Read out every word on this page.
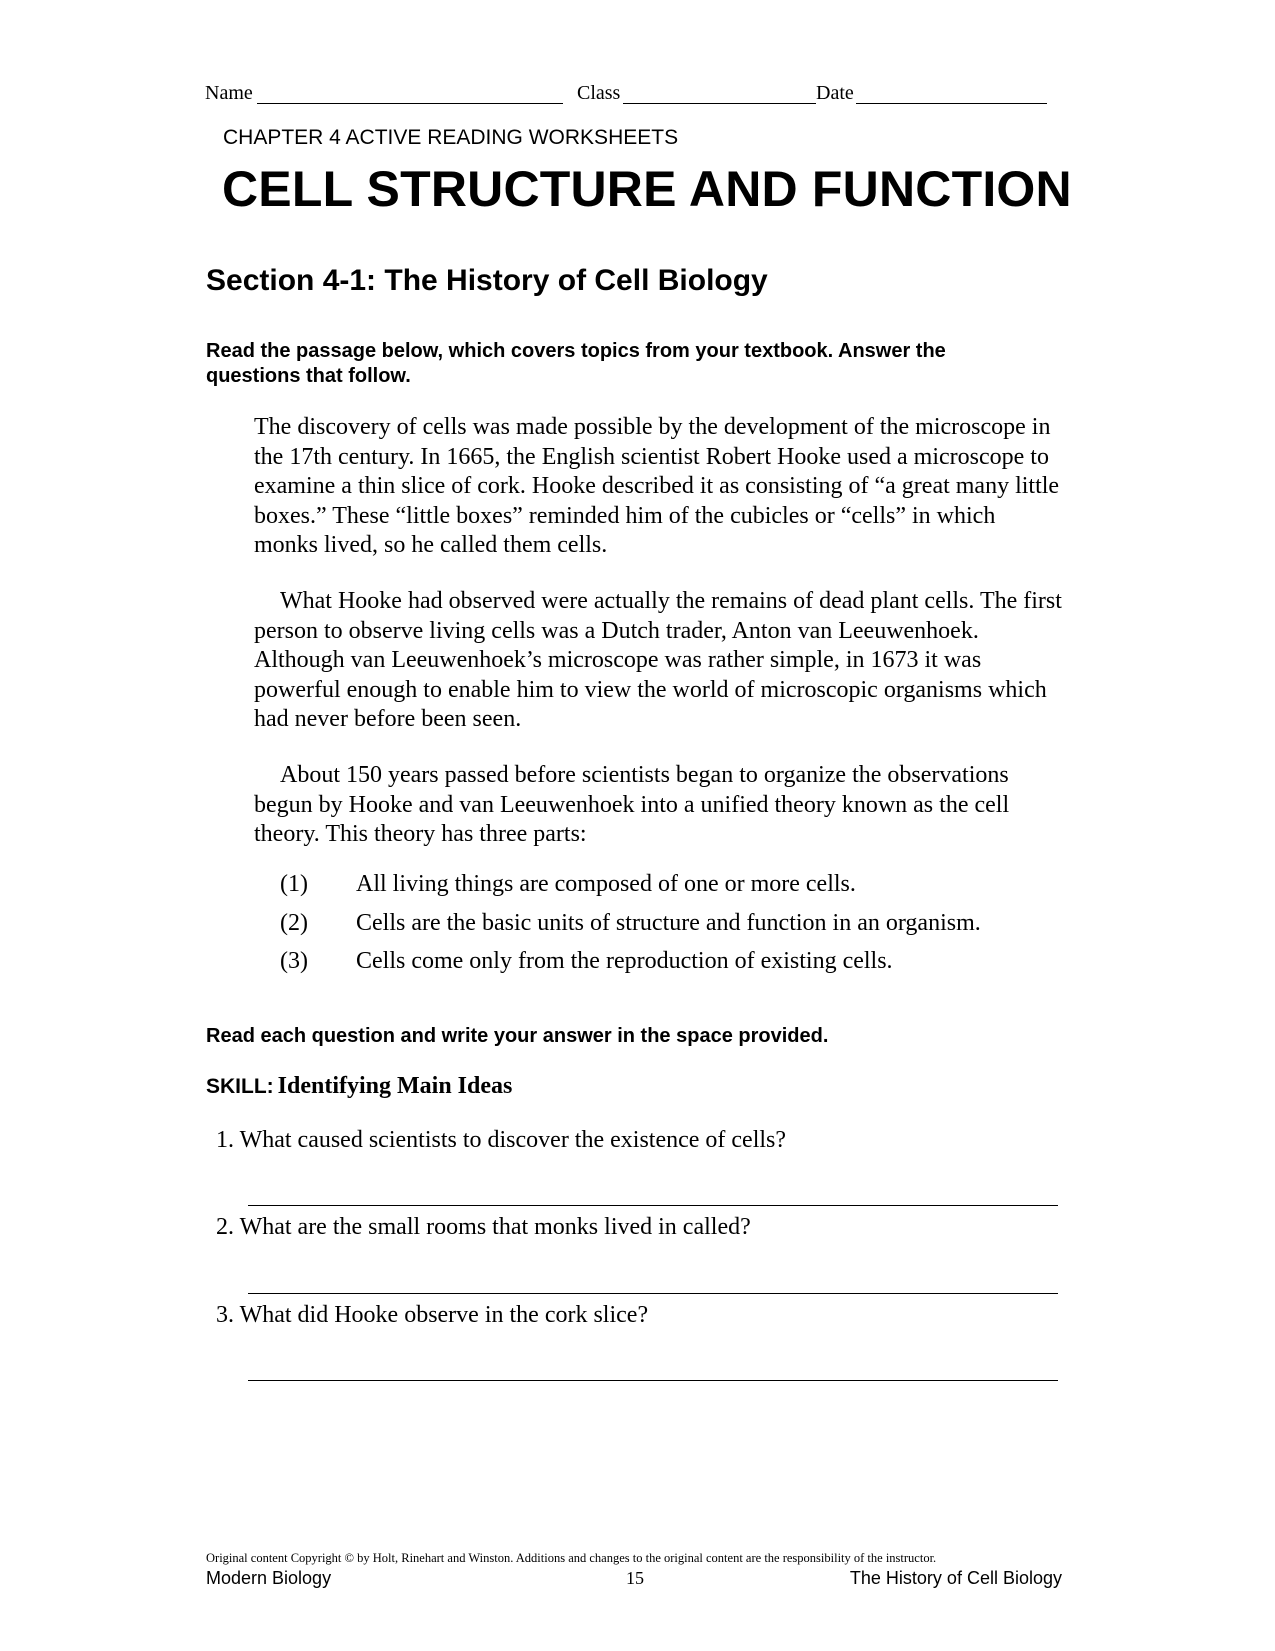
Name	Class	Date
CHAPTER 4 ACTIVE READING WORKSHEETS
CELL STRUCTURE AND FUNCTION
Section 4-1: The History of Cell Biology
Read the passage below, which covers topics from your textbook. Answer the questions that follow.
The discovery of cells was made possible by the development of the microscope in the 17th century. In 1665, the English scientist Robert Hooke used a microscope to examine a thin slice of cork. Hooke described it as consisting of “a great many little boxes.” These “little boxes” reminded him of the cubicles or “cells” in which monks lived, so he called them cells.
What Hooke had observed were actually the remains of dead plant cells. The first person to observe living cells was a Dutch trader, Anton van Leeuwenhoek. Although van Leeuwenhoek’s microscope was rather simple, in 1673 it was powerful enough to enable him to view the world of microscopic organisms which had never before been seen.
About 150 years passed before scientists began to organize the observations begun by Hooke and van Leeuwenhoek into a unified theory known as the cell theory. This theory has three parts:
(1) All living things are composed of one or more cells.
(2) Cells are the basic units of structure and function in an organism.
(3) Cells come only from the reproduction of existing cells.
Read each question and write your answer in the space provided.
SKILL: Identifying Main Ideas
1. What caused scientists to discover the existence of cells?
2. What are the small rooms that monks lived in called?
3. What did Hooke observe in the cork slice?
Original content Copyright © by Holt, Rinehart and Winston. Additions and changes to the original content are the responsibility of the instructor.
Modern Biology	15	The History of Cell Biology
